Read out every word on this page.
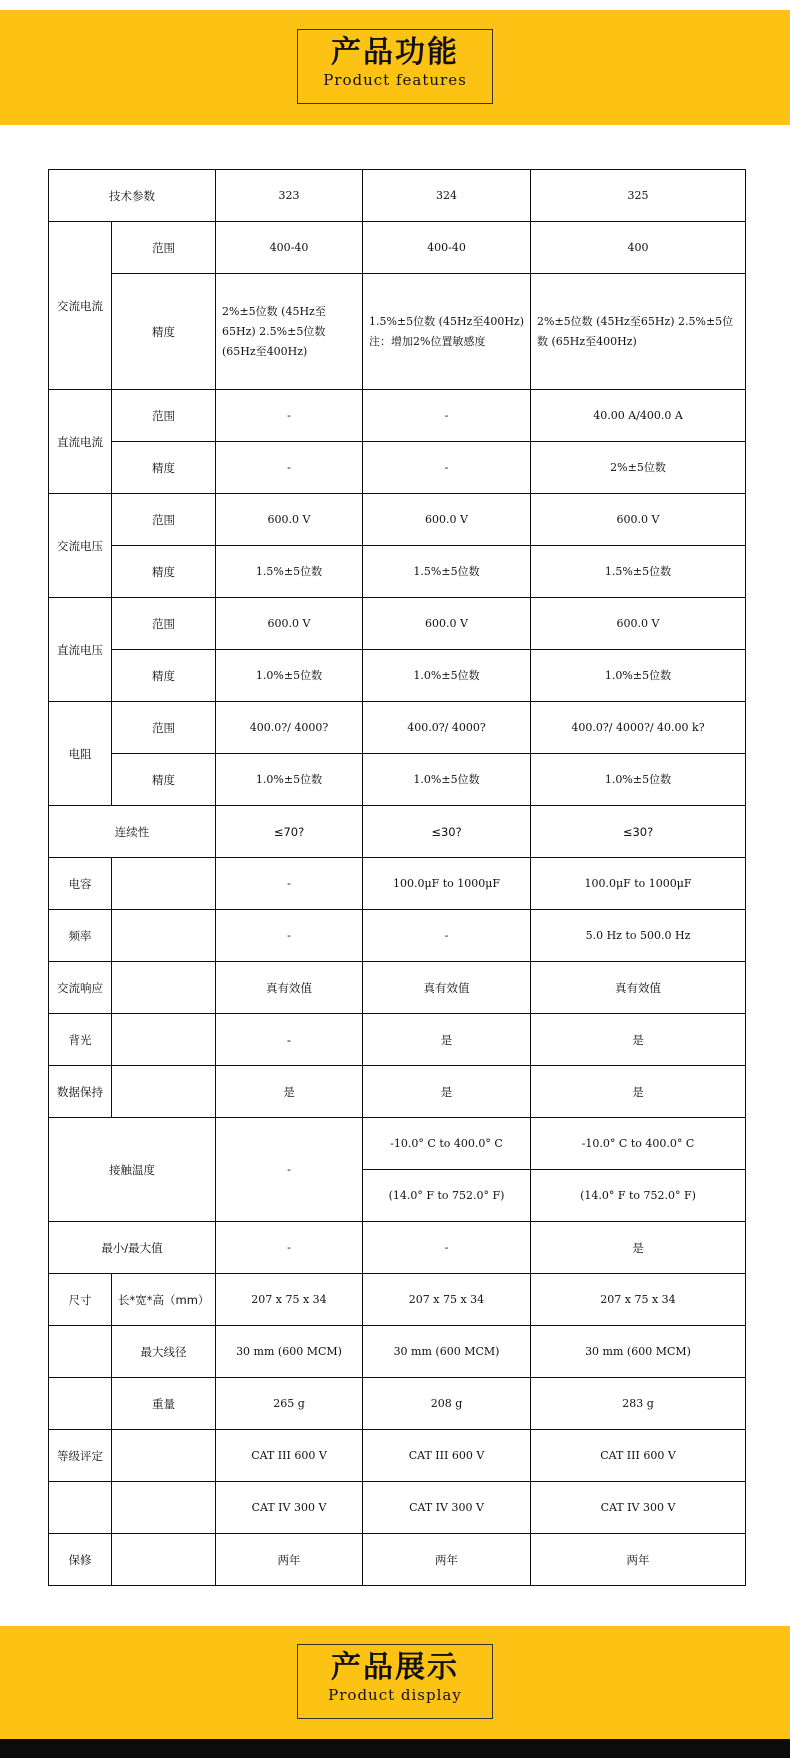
产品功能
Product features
技术参数		323	324	325
交流电流	范围	400-40	400-40	400
	精度	2%±5位数 (45Hz至65Hz) 2.5%±5位数 (65Hz至400Hz)	1.5%±5位数 (45Hz至400Hz) 注：增加2%位置敏感度	2%±5位数 (45Hz至65Hz) 2.5%±5位数 (65Hz至400Hz)
直流电流	范围	-	-	40.00 A/400.0 A
	精度	-	-	2%±5位数
交流电压	范围	600.0 V	600.0 V	600.0 V
	精度	1.5%±5位数	1.5%±5位数	1.5%±5位数
直流电压	范围	600.0 V	600.0 V	600.0 V
	精度	1.0%±5位数	1.0%±5位数	1.0%±5位数
电阻	范围	400.0?/ 4000?	400.0?/ 4000?	400.0?/ 4000?/ 40.00 k?
	精度	1.0%±5位数	1.0%±5位数	1.0%±5位数
连续性		≤70?	≤30?	≤30?
电容		-	100.0μF to 1000μF	100.0μF to 1000μF
频率		-	-	5.0 Hz to 500.0 Hz
交流响应		真有效值	真有效值	真有效值
背光		-	是	是
数据保持		是	是	是
接触温度		-	-10.0° C to 400.0° C	-10.0° C to 400.0° C
			(14.0° F to 752.0° F)	(14.0° F to 752.0° F)
最小/最大值		-	-	是
尺寸	长*宽*高（mm）	207 x 75 x 34	207 x 75 x 34	207 x 75 x 34
	最大线径	30 mm (600 MCM)	30 mm (600 MCM)	30 mm (600 MCM)
	重量	265 g	208 g	283 g
等级评定		CAT III 600 V	CAT III 600 V	CAT III 600 V
		CAT IV 300 V	CAT IV 300 V	CAT IV 300 V
保修		两年	两年	两年
产品展示
Product display
